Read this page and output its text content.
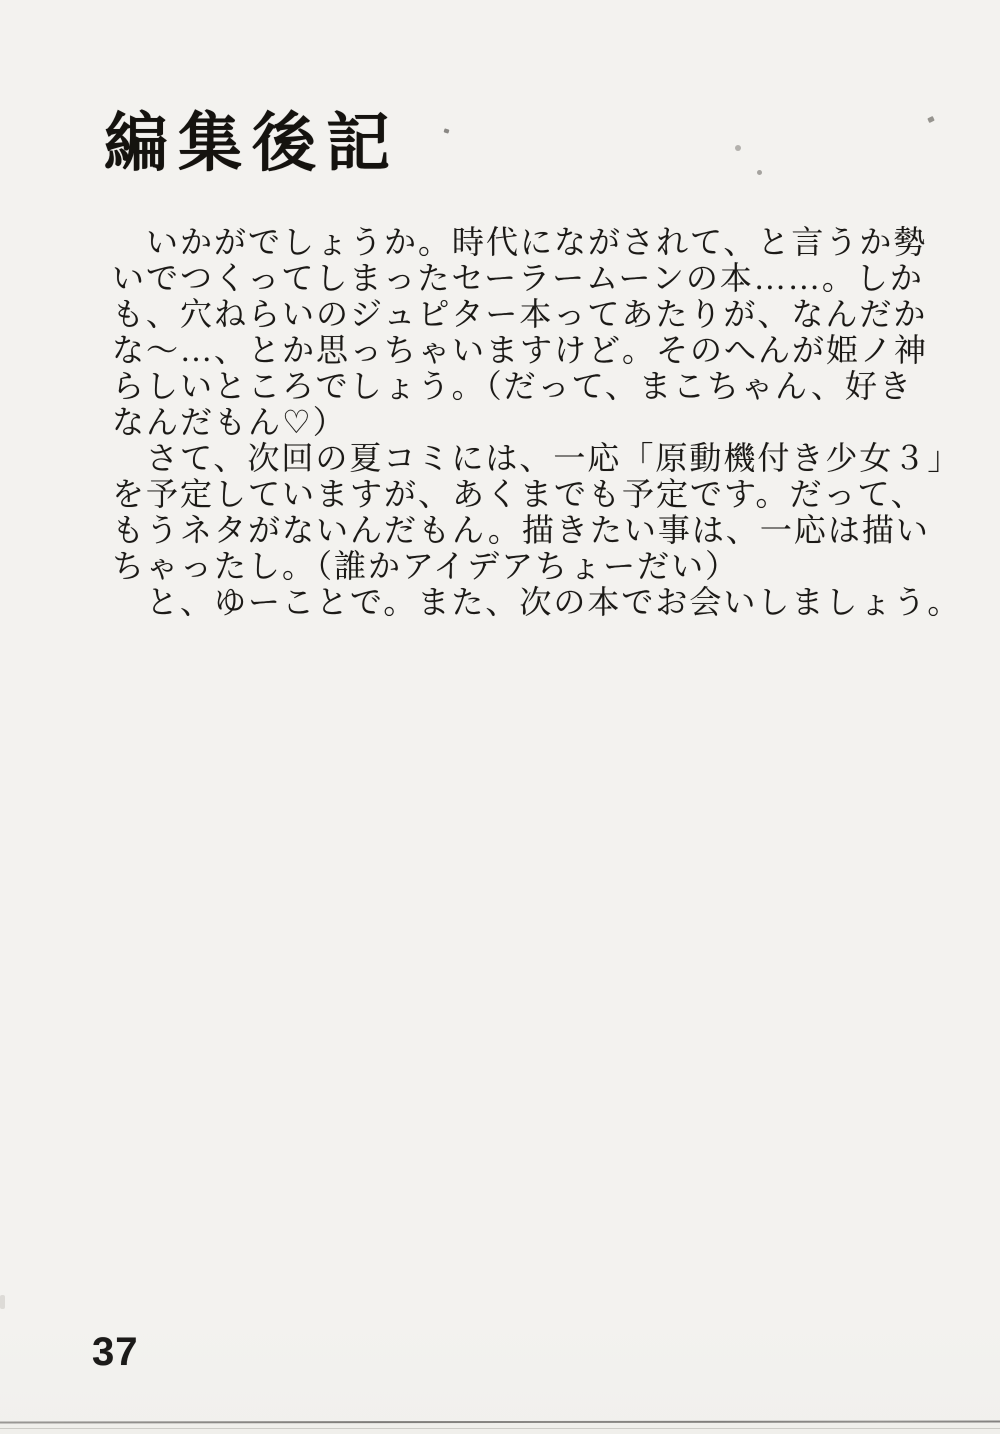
編集後記

　いかがでしょうか。時代にながされて、と言うか勢

いでつくってしまったセーラームーンの本……。しか

も、穴ねらいのジュピター本ってあたりが、なんだか

な〜…、とか思っちゃいますけど。そのへんが姫ノ神

らしいところでしょう。（だって、まこちゃん、好き

なんだもん♡）

　さて、次回の夏コミには、一応「原動機付き少女３」

を予定していますが、あくまでも予定です。だって、

もうネタがないんだもん。描きたい事は、一応は描い

ちゃったし。（誰かアイデアちょーだい）

　と、ゆーことで。また、次の本でお会いしましょう。

37
